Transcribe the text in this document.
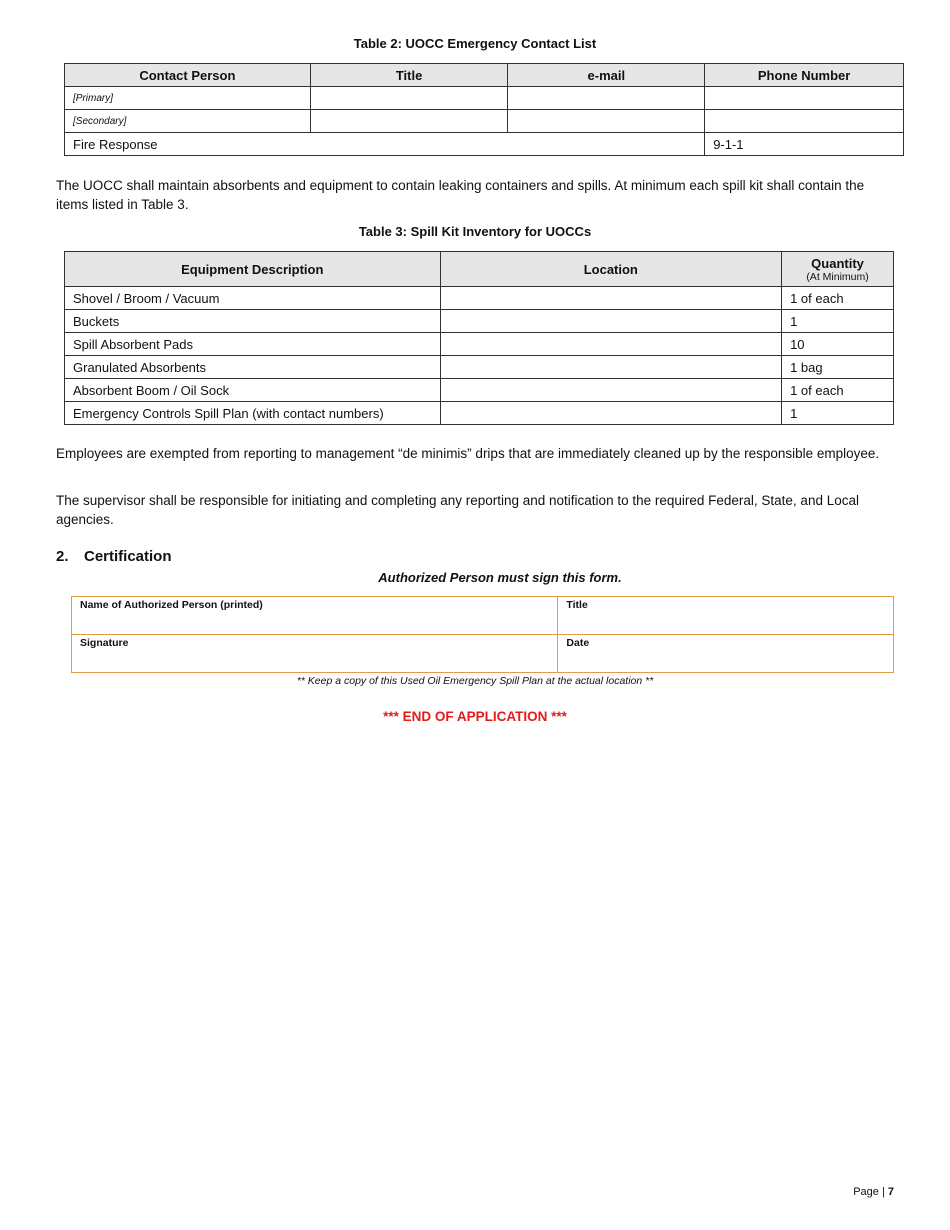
Table 2: UOCC Emergency Contact List
Contact Person	Title	e-mail	Phone Number
[Primary]			
[Secondary]			
Fire Response			9-1-1

The UOCC shall maintain absorbents and equipment to contain leaking containers and spills. At minimum each spill kit shall contain the items listed in Table 3.

Table 3: Spill Kit Inventory for UOCCs
Equipment Description	Location	Quantity
(At Minimum)

Shovel / Broom / Vacuum		1 of each
Buckets		1
Spill Absorbent Pads		10
Granulated Absorbents		1 bag
Absorbent Boom / Oil Sock		1 of each
Emergency Controls Spill Plan (with contact numbers)		1

Employees are exempted from reporting to management “de minimis” drips that are immediately cleaned up by the responsible employee.

The supervisor shall be responsible for initiating and completing any reporting and notification to the required Federal, State, and Local agencies.

2. Certification
Authorized Person must sign this form.
Name of Authorized Person (printed)	Title
Signature	Date
** Keep a copy of this Used Oil Emergency Spill Plan at the actual location **
*** END OF APPLICATION ***
Page | 7
